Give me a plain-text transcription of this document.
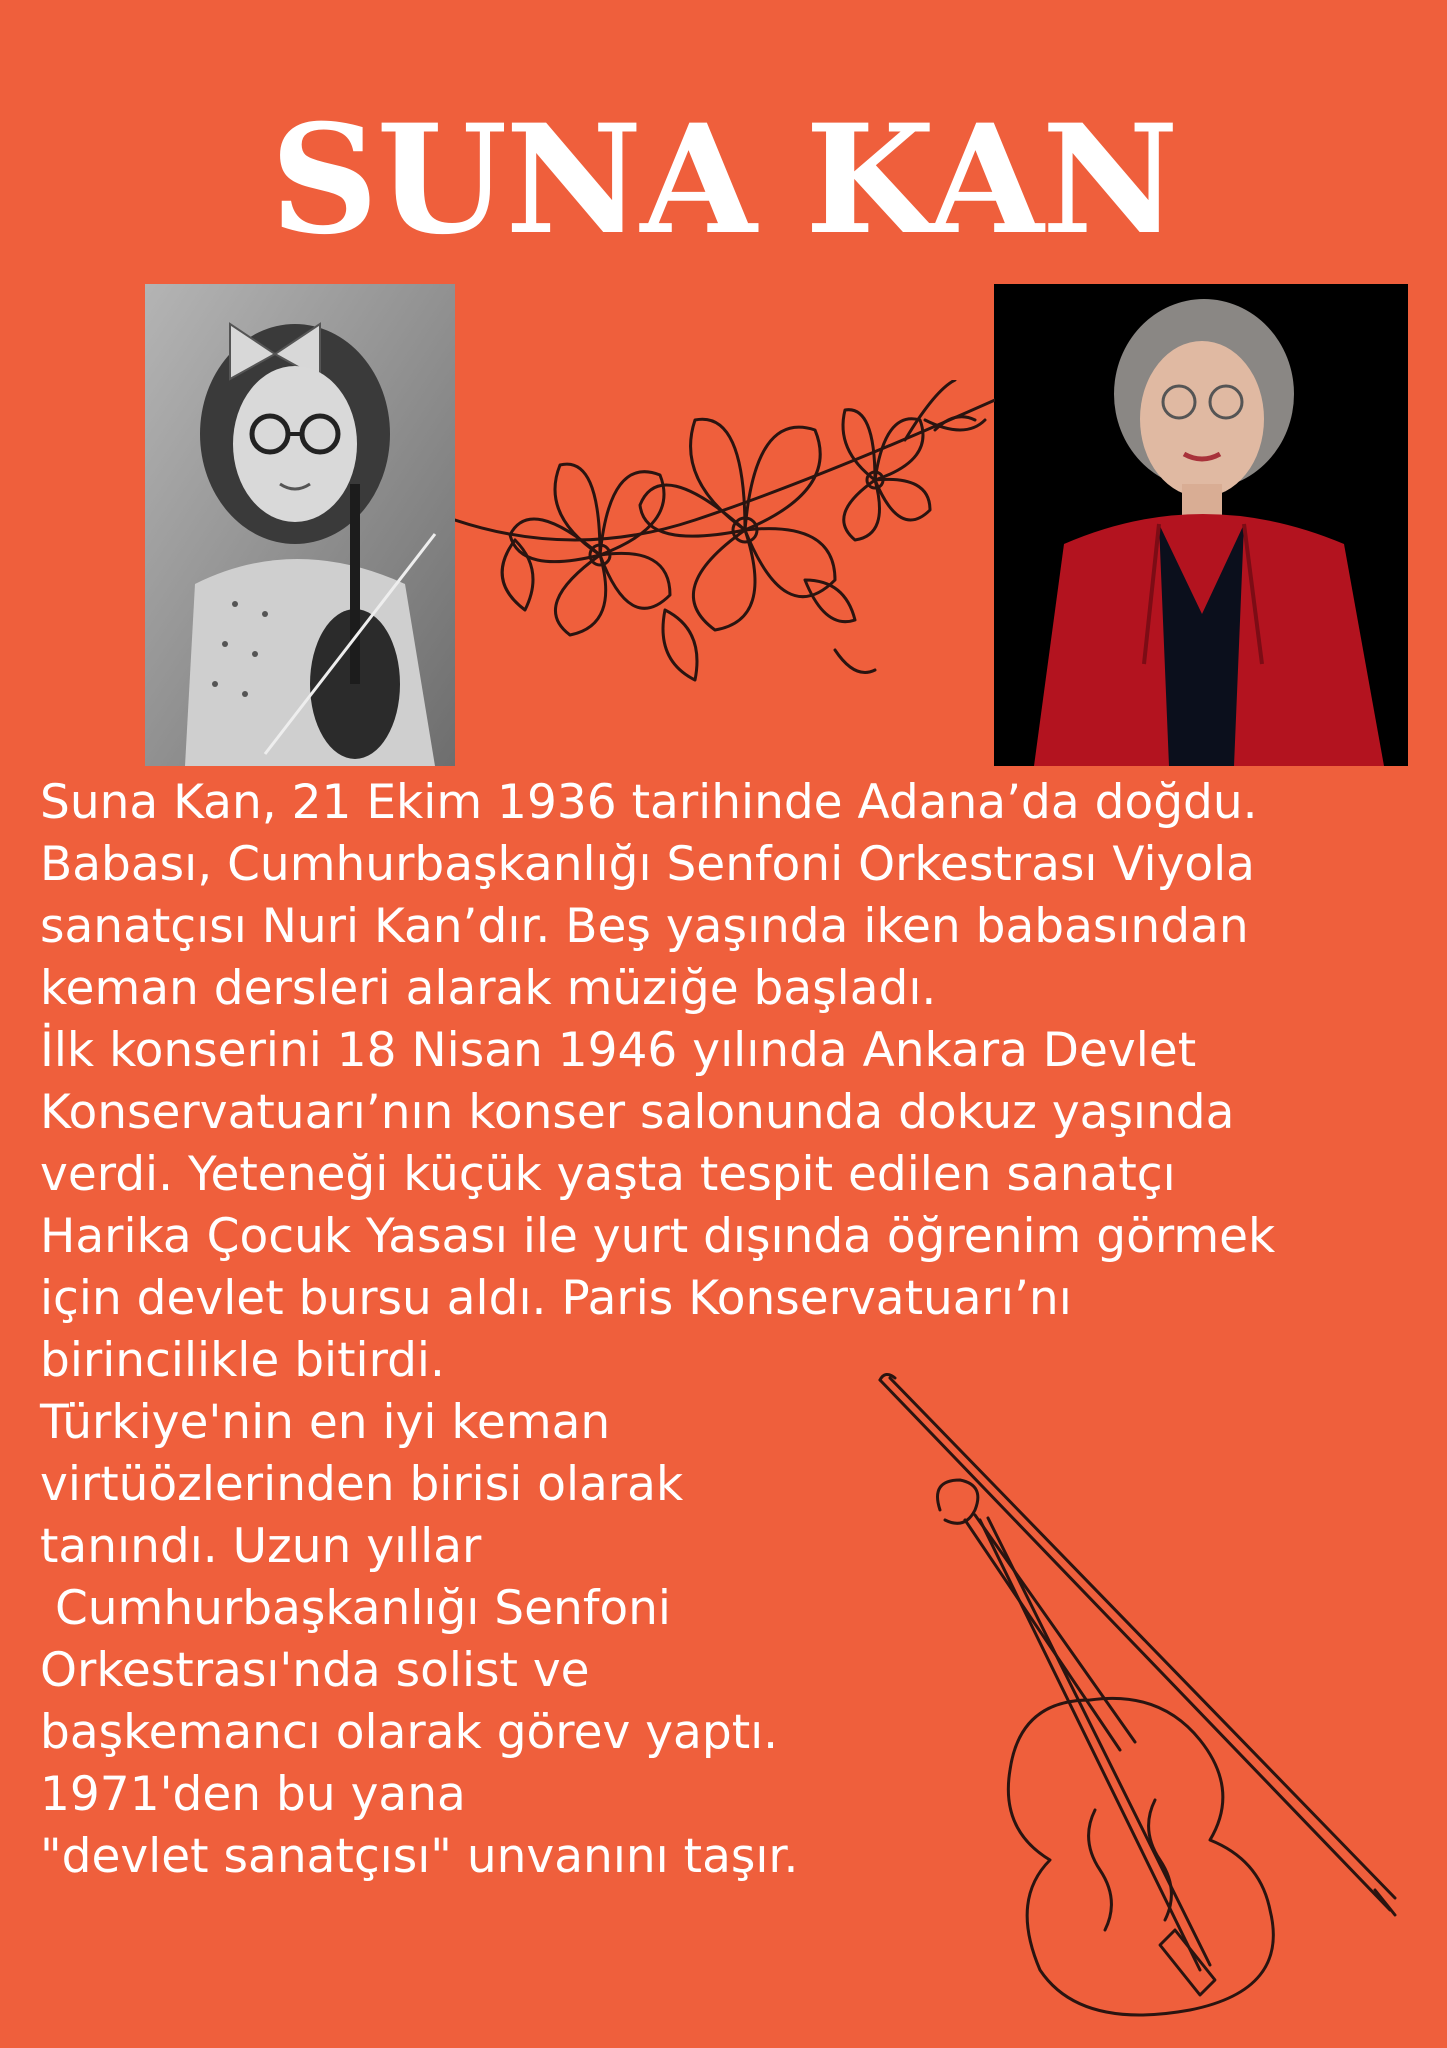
SUNA KAN
Suna Kan, 21 Ekim 1936 tarihinde Adana’da doğdu.
Babası, Cumhurbaşkanlığı Senfoni Orkestrası Viyola
sanatçısı Nuri Kan’dır. Beş yaşında iken babasından
keman dersleri alarak müziğe başladı.
İlk konserini 18 Nisan 1946 yılında Ankara Devlet
Konservatuarı’nın konser salonunda dokuz yaşında
verdi. Yeteneği küçük yaşta tespit edilen sanatçı
Harika Çocuk Yasası ile yurt dışında öğrenim görmek
için devlet bursu aldı. Paris Konservatuarı’nı
birincilikle bitirdi.
Türkiye'nin en iyi keman
virtüözlerinden birisi olarak
tanındı. Uzun yıllar
Cumhurbaşkanlığı Senfoni
Orkestrası'nda solist ve
başkemancı olarak görev yaptı.
1971'den bu yana
"devlet sanatçısı" unvanını taşır.
